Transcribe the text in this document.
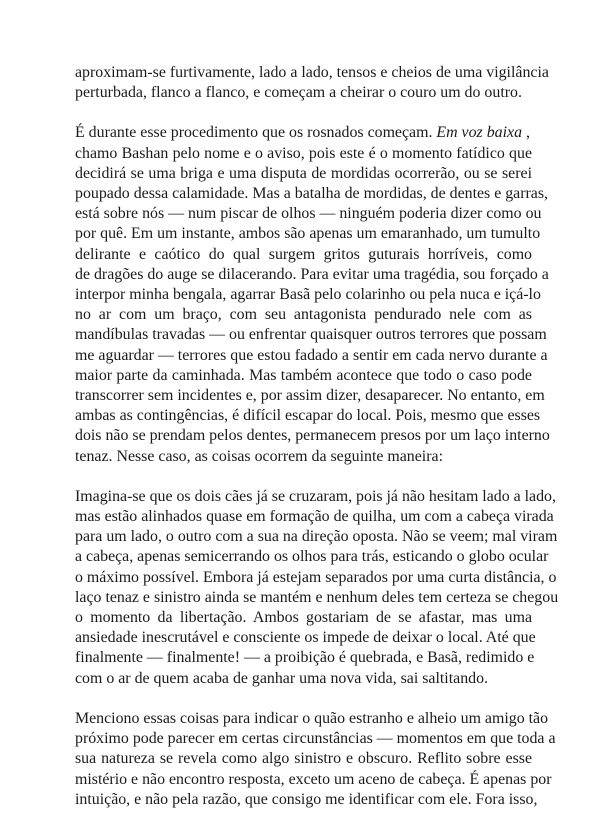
aproximam-se furtivamente, lado a lado, tensos e cheios de uma vigilância
perturbada, flanco a flanco, e começam a cheirar o couro um do outro.

É durante esse procedimento que os rosnados começam. Em voz baixa ,
chamo Bashan pelo nome e o aviso, pois este é o momento fatídico que
decidirá se uma briga e uma disputa de mordidas ocorrerão, ou se serei
poupado dessa calamidade. Mas a batalha de mordidas, de dentes e garras,
está sobre nós — num piscar de olhos — ninguém poderia dizer como ou
por quê. Em um instante, ambos são apenas um emaranhado, um tumulto
delirante e caótico do qual surgem gritos guturais horríveis, como
de dragões do auge se dilacerando. Para evitar uma tragédia, sou forçado a
interpor minha bengala, agarrar Basã pelo colarinho ou pela nuca e içá-lo
no ar com um braço, com seu antagonista pendurado nele com as
mandíbulas travadas — ou enfrentar quaisquer outros terrores que possam
me aguardar — terrores que estou fadado a sentir em cada nervo durante a
maior parte da caminhada. Mas também acontece que todo o caso pode
transcorrer sem incidentes e, por assim dizer, desaparecer. No entanto, em
ambas as contingências, é difícil escapar do local. Pois, mesmo que esses
dois não se prendam pelos dentes, permanecem presos por um laço interno
tenaz. Nesse caso, as coisas ocorrem da seguinte maneira:

Imagina-se que os dois cães já se cruzaram, pois já não hesitam lado a lado,
mas estão alinhados quase em formação de quilha, um com a cabeça virada
para um lado, o outro com a sua na direção oposta. Não se veem; mal viram
a cabeça, apenas semicerrando os olhos para trás, esticando o globo ocular
o máximo possível. Embora já estejam separados por uma curta distância, o
laço tenaz e sinistro ainda se mantém e nenhum deles tem certeza se chegou
o momento da libertação. Ambos gostariam de se afastar, mas uma
ansiedade inescrutável e consciente os impede de deixar o local. Até que
finalmente — finalmente! — a proibição é quebrada, e Basã, redimido e
com o ar de quem acaba de ganhar uma nova vida, sai saltitando.

Menciono essas coisas para indicar o quão estranho e alheio um amigo tão
próximo pode parecer em certas circunstâncias — momentos em que toda a
sua natureza se revela como algo sinistro e obscuro. Reflito sobre esse
mistério e não encontro resposta, exceto um aceno de cabeça. É apenas por
intuição, e não pela razão, que consigo me identificar com ele. Fora isso,
